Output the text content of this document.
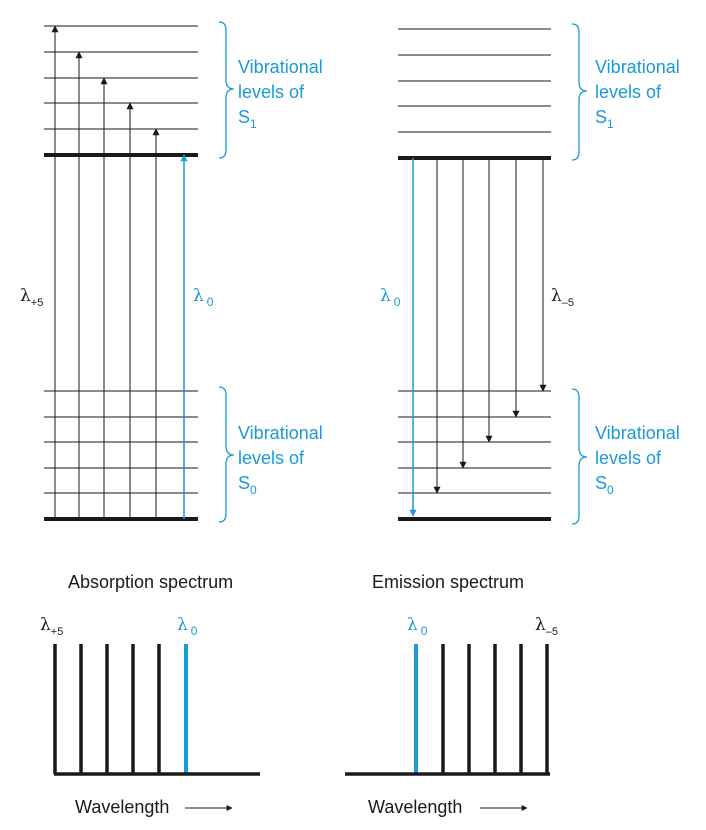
Vibrational
levels of
$S_1$
Vibrational
levels of
$S_0$
$\lambda_{+5}$	λ $_0$
Vibrational
levels of
$S_1$
Vibrational
levels of
$S_0$
λ $_0$	$\lambda_{-5}$
Absorption spectrum
$\lambda_{+5}$	λ $_0$
Wavelength
Emission spectrum
λ $_0$	$\lambda_{-5}$
Wavelength
